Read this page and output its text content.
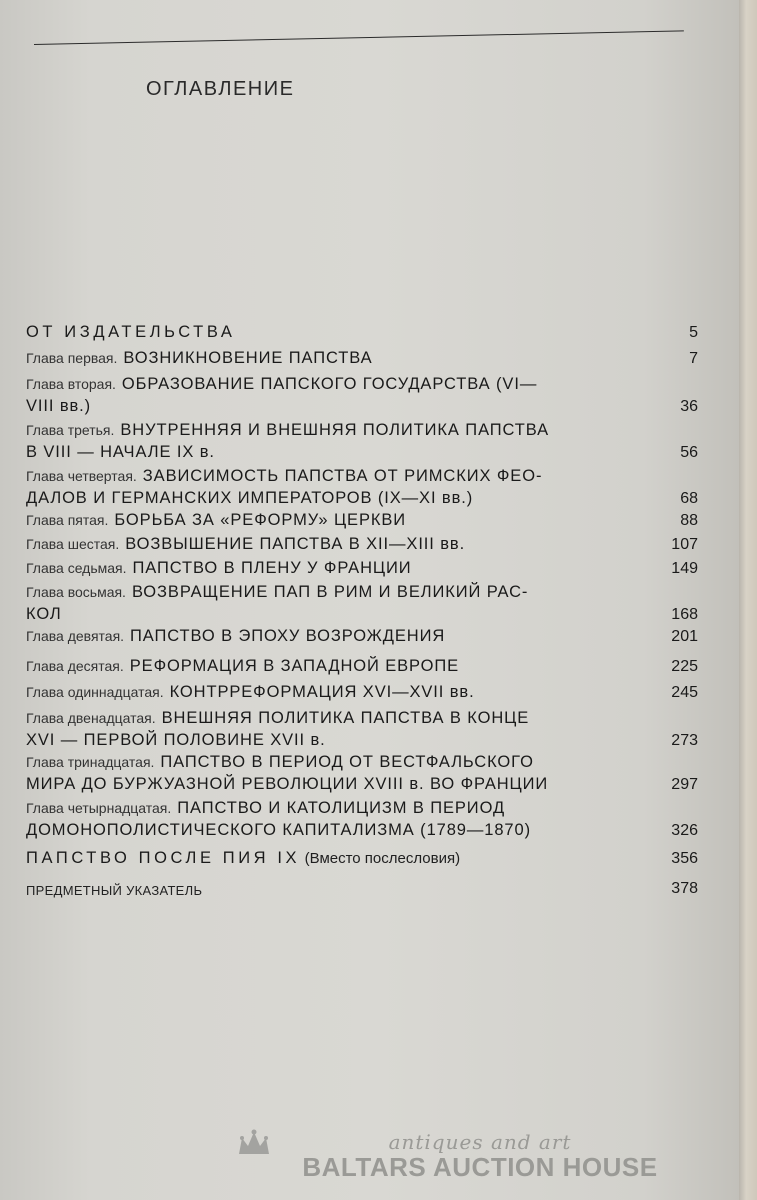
ОГЛАВЛЕНИЕ
ОТ ИЗДАТЕЛЬСТВА	5
Глава первая. ВОЗНИКНОВЕНИЕ ПАПСТВА	7
Глава вторая. ОБРАЗОВАНИЕ ПАПСКОГО ГОСУДАРСТВА (VI—
VIII вв.)	36
Глава третья. ВНУТРЕННЯЯ И ВНЕШНЯЯ ПОЛИТИКА ПАПСТВА
В VIII — НАЧАЛЕ IX в.	56
Глава четвертая. ЗАВИСИМОСТЬ ПАПСТВА ОТ РИМСКИХ ФЕО-
ДАЛОВ И ГЕРМАНСКИХ ИМПЕРАТОРОВ (IX—XI вв.)	68
Глава пятая. БОРЬБА ЗА «РЕФОРМУ» ЦЕРКВИ	88
Глава шестая. ВОЗВЫШЕНИЕ ПАПСТВА В XII—XIII вв.	107
Глава седьмая. ПАПСТВО В ПЛЕНУ У ФРАНЦИИ	149
Глава восьмая. ВОЗВРАЩЕНИЕ ПАП В РИМ И ВЕЛИКИЙ РАС-
КОЛ	168
Глава девятая. ПАПСТВО В ЭПОХУ ВОЗРОЖДЕНИЯ	201
Глава десятая. РЕФОРМАЦИЯ В ЗАПАДНОЙ ЕВРОПЕ	225
Глава одиннадцатая. КОНТРРЕФОРМАЦИЯ XVI—XVII вв.	245
Глава двенадцатая. ВНЕШНЯЯ ПОЛИТИКА ПАПСТВА В КОНЦЕ
XVI — ПЕРВОЙ ПОЛОВИНЕ XVII в.	273
Глава тринадцатая. ПАПСТВО В ПЕРИОД ОТ ВЕСТФАЛЬСКОГО
МИРА ДО БУРЖУАЗНОЙ РЕВОЛЮЦИИ XVIII в. ВО ФРАНЦИИ	297
Глава четырнадцатая. ПАПСТВО И КАТОЛИЦИЗМ В ПЕРИОД
ДОМОНОПОЛИСТИЧЕСКОГО КАПИТАЛИЗМА (1789—1870)	326
ПАПСТВО ПОСЛЕ ПИЯ IX (Вместо послесловия)	356
ПРЕДМЕТНЫЙ УКАЗАТЕЛЬ	378
antiques and art
BALTARS AUCTION HOUSE
